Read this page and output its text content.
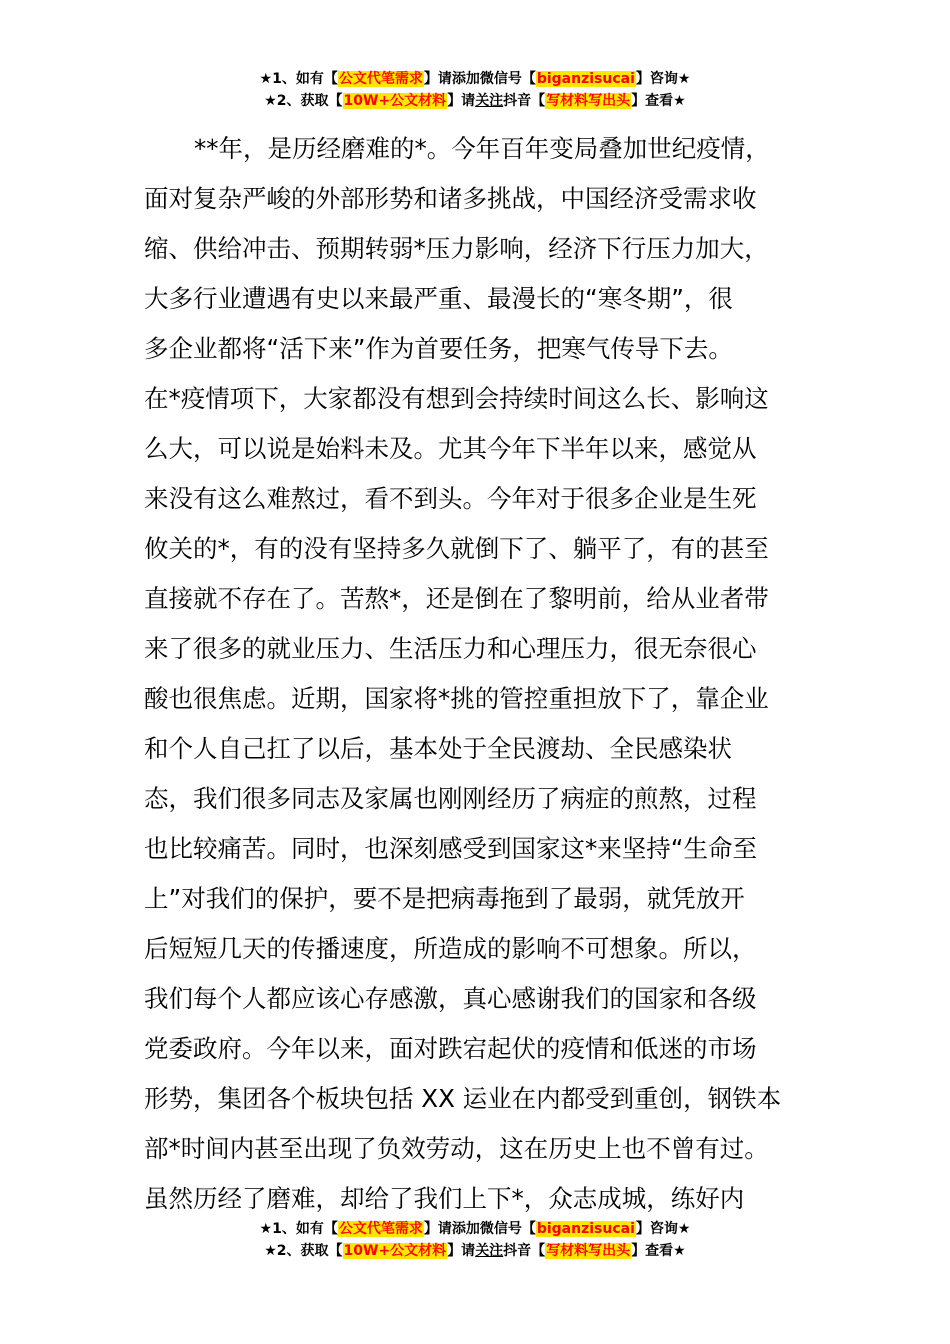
★1、如有【公文代笔需求】请添加微信号【biganzisucai】咨询★
★2、获取【10W+公文材料】请关注抖音【写材料写出头】查看★
**年，是历经磨难的*。今年百年变局叠加世纪疫情，
面对复杂严峻的外部形势和诸多挑战，中国经济受需求收
缩、供给冲击、预期转弱*压力影响，经济下行压力加大，
大多行业遭遇有史以来最严重、最漫长的“寒冬期”，很
多企业都将“活下来”作为首要任务，把寒气传导下去。
在*疫情项下，大家都没有想到会持续时间这么长、影响这
么大，可以说是始料未及。尤其今年下半年以来，感觉从
来没有这么难熬过，看不到头。今年对于很多企业是生死
攸关的*，有的没有坚持多久就倒下了、躺平了，有的甚至
直接就不存在了。苦熬*，还是倒在了黎明前，给从业者带
来了很多的就业压力、生活压力和心理压力，很无奈很心
酸也很焦虑。近期，国家将*挑的管控重担放下了，靠企业
和个人自己扛了以后，基本处于全民渡劫、全民感染状
态，我们很多同志及家属也刚刚经历了病症的煎熬，过程
也比较痛苦。同时，也深刻感受到国家这*来坚持“生命至
上”对我们的保护，要不是把病毒拖到了最弱，就凭放开
后短短几天的传播速度，所造成的影响不可想象。所以，
我们每个人都应该心存感激，真心感谢我们的国家和各级
党委政府。今年以来，面对跌宕起伏的疫情和低迷的市场
形势，集团各个板块包括 XX 运业在内都受到重创，钢铁本
部*时间内甚至出现了负效劳动，这在历史上也不曾有过。
虽然历经了磨难，却给了我们上下*，众志成城，练好内
★1、如有【公文代笔需求】请添加微信号【biganzisucai】咨询★
★2、获取【10W+公文材料】请关注抖音【写材料写出头】查看★
